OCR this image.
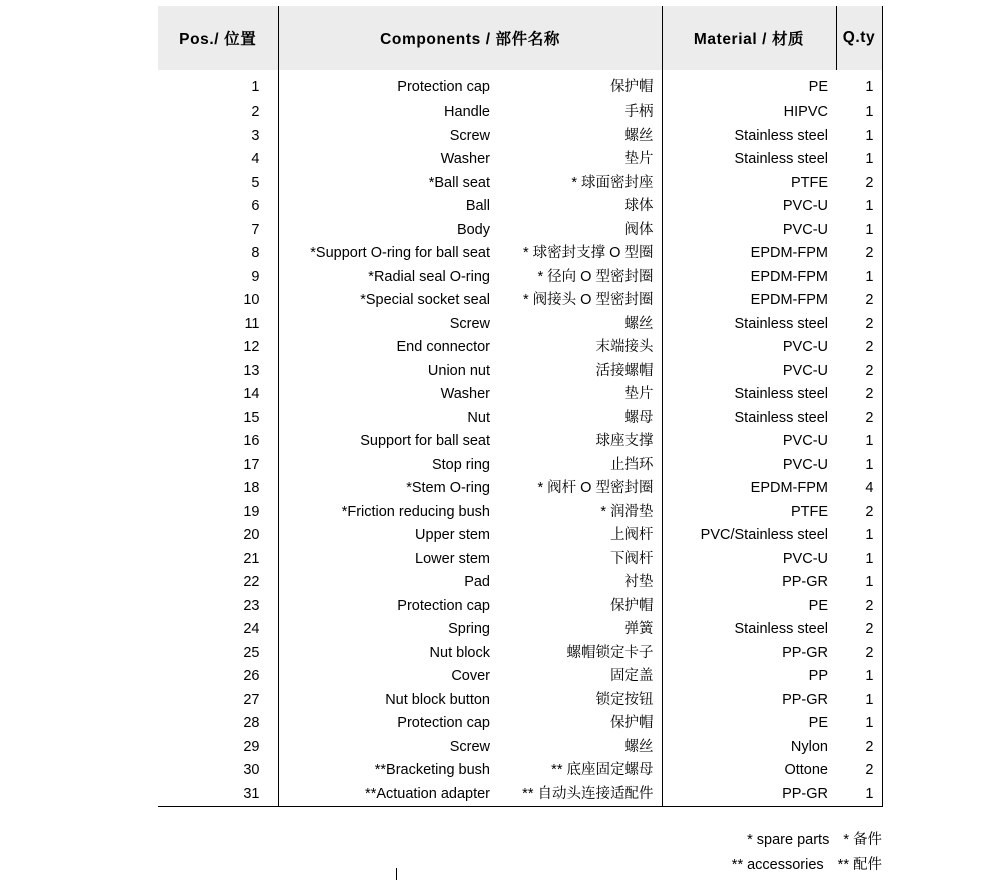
Pos./ 位置	Components / 部件名称		Material / 材质	Q.ty
1	Protection cap	保护帽	PE	1
2	Handle	手柄	HIPVC	1
3	Screw	螺丝	Stainless steel	1
4	Washer	垫片	Stainless steel	1
5	*Ball seat	* 球面密封座	PTFE	2
6	Ball	球体	PVC-U	1
7	Body	阀体	PVC-U	1
8	*Support O-ring for ball seat	* 球密封支撑 O 型圈	EPDM-FPM	2
9	*Radial seal O-ring	* 径向 O 型密封圈	EPDM-FPM	1
10	*Special socket seal	* 阀接头 O 型密封圈	EPDM-FPM	2
11	Screw	螺丝	Stainless steel	2
12	End connector	末端接头	PVC-U	2
13	Union nut	活接螺帽	PVC-U	2
14	Washer	垫片	Stainless steel	2
15	Nut	螺母	Stainless steel	2
16	Support for ball seat	球座支撑	PVC-U	1
17	Stop ring	止挡环	PVC-U	1
18	*Stem O-ring	* 阀杆 O 型密封圈	EPDM-FPM	4
19	*Friction reducing bush	* 润滑垫	PTFE	2
20	Upper stem	上阀杆	PVC/Stainless steel	1
21	Lower stem	下阀杆	PVC-U	1
22	Pad	衬垫	PP-GR	1
23	Protection cap	保护帽	PE	2
24	Spring	弹簧	Stainless steel	2
25	Nut block	螺帽锁定卡子	PP-GR	2
26	Cover	固定盖	PP	1
27	Nut block button	锁定按钮	PP-GR	1
28	Protection cap	保护帽	PE	1
29	Screw	螺丝	Nylon	2
30	**Bracketing bush	** 底座固定螺母	Ottone	2
31	**Actuation adapter	** 自动头连接适配件	PP-GR	1
* spare parts * 备件
** accessories ** 配件
